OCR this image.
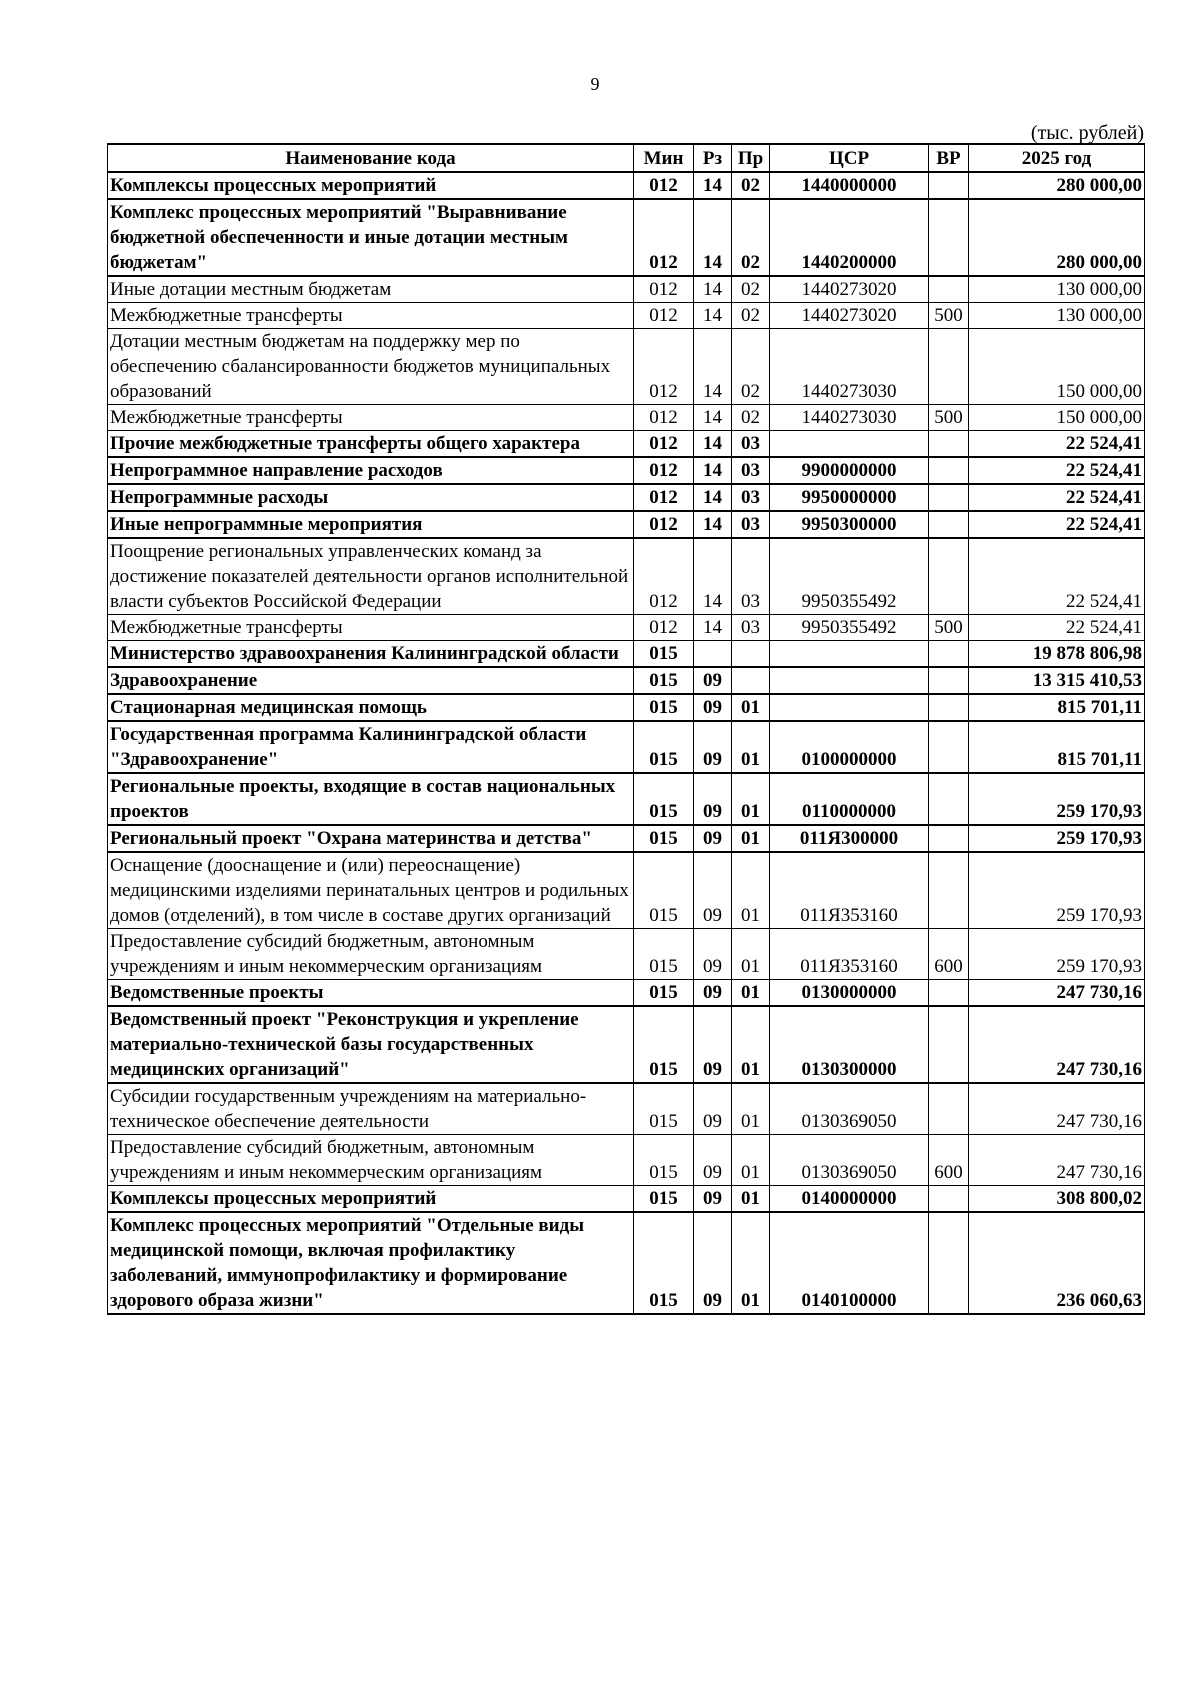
9
(тыс. рублей)
Наименование кода	Мин	Рз	Пр	ЦСР	ВР	2025 год
Комплексы процессных мероприятий	012	14	02	1440000000		280 000,00
Комплекс процессных мероприятий "Выравнивание бюджетной обеспеченности и иные дотации местным бюджетам"	012	14	02	1440200000		280 000,00
Иные дотации местным бюджетам	012	14	02	1440273020		130 000,00
Межбюджетные трансферты	012	14	02	1440273020	500	130 000,00
Дотации местным бюджетам на поддержку мер по обеспечению сбалансированности бюджетов муниципальных образований	012	14	02	1440273030		150 000,00
Межбюджетные трансферты	012	14	02	1440273030	500	150 000,00
Прочие межбюджетные трансферты общего характера	012	14	03			22 524,41
Непрограммное направление расходов	012	14	03	9900000000		22 524,41
Непрограммные расходы	012	14	03	9950000000		22 524,41
Иные непрограммные мероприятия	012	14	03	9950300000		22 524,41
Поощрение региональных управленческих команд за достижение показателей деятельности органов исполнительной власти субъектов Российской Федерации	012	14	03	9950355492		22 524,41
Межбюджетные трансферты	012	14	03	9950355492	500	22 524,41
Министерство здравоохранения Калининградской области	015					19 878 806,98
Здравоохранение	015	09				13 315 410,53
Стационарная медицинская помощь	015	09	01			815 701,11
Государственная программа Калининградской области "Здравоохранение"	015	09	01	0100000000		815 701,11
Региональные проекты, входящие в состав национальных проектов	015	09	01	0110000000		259 170,93
Региональный проект "Охрана материнства и детства"	015	09	01	011Я300000		259 170,93
Оснащение (дооснащение и (или) переоснащение) медицинскими изделиями перинатальных центров и родильных домов (отделений), в том числе в составе других организаций	015	09	01	011Я353160		259 170,93
Предоставление субсидий бюджетным, автономным учреждениям и иным некоммерческим организациям	015	09	01	011Я353160	600	259 170,93
Ведомственные проекты	015	09	01	0130000000		247 730,16
Ведомственный проект "Реконструкция и укрепление материально-технической базы государственных медицинских организаций"	015	09	01	0130300000		247 730,16
Субсидии государственным учреждениям на материально-техническое обеспечение деятельности	015	09	01	0130369050		247 730,16
Предоставление субсидий бюджетным, автономным учреждениям и иным некоммерческим организациям	015	09	01	0130369050	600	247 730,16
Комплексы процессных мероприятий	015	09	01	0140000000		308 800,02
Комплекс процессных мероприятий "Отдельные виды медицинской помощи, включая профилактику заболеваний, иммунопрофилактику и формирование здорового образа жизни"	015	09	01	0140100000		236 060,63
